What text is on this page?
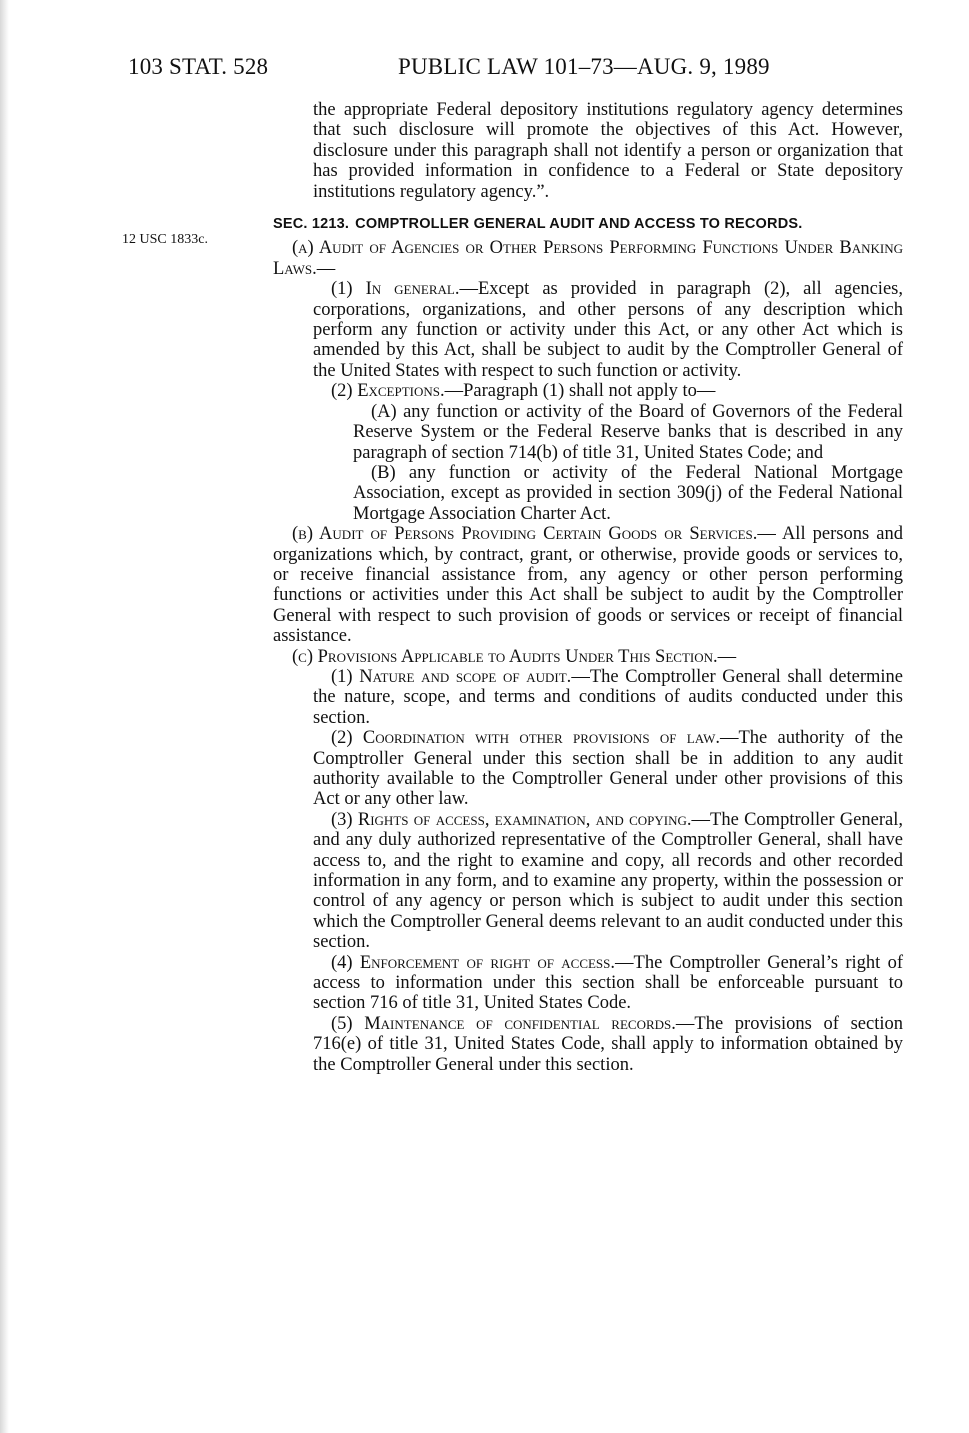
103 STAT. 528	PUBLIC LAW 101–73—AUG. 9, 1989
12 USC 1833c.

the appropriate Federal depository institutions regulatory agency determines that such disclosure will promote the objectives of this Act. However, disclosure under this paragraph shall not identify a person or organization that has provided information in confidence to a Federal or State depository institutions regulatory agency.”.

SEC. 1213. COMPTROLLER GENERAL AUDIT AND ACCESS TO RECORDS.

(a) Audit of Agencies or Other Persons Performing Functions Under Banking Laws.—

(1) In general.—Except as provided in paragraph (2), all agencies, corporations, organizations, and other persons of any description which perform any function or activity under this Act, or any other Act which is amended by this Act, shall be subject to audit by the Comptroller General of the United States with respect to such function or activity.

(2) Exceptions.—Paragraph (1) shall not apply to—

(A) any function or activity of the Board of Governors of the Federal Reserve System or the Federal Reserve banks that is described in any paragraph of section 714(b) of title 31, United States Code; and

(B) any function or activity of the Federal National Mortgage Association, except as provided in section 309(j) of the Federal National Mortgage Association Charter Act.

(b) Audit of Persons Providing Certain Goods or Services.— All persons and organizations which, by contract, grant, or otherwise, provide goods or services to, or receive financial assistance from, any agency or other person performing functions or activities under this Act shall be subject to audit by the Comptroller General with respect to such provision of goods or services or receipt of financial assistance.

(c) Provisions Applicable to Audits Under This Section.—

(1) Nature and scope of audit.—The Comptroller General shall determine the nature, scope, and terms and conditions of audits conducted under this section.

(2) Coordination with other provisions of law.—The authority of the Comptroller General under this section shall be in addition to any audit authority available to the Comptroller General under other provisions of this Act or any other law.

(3) Rights of access, examination, and copying.—The Comptroller General, and any duly authorized representative of the Comptroller General, shall have access to, and the right to examine and copy, all records and other recorded information in any form, and to examine any property, within the possession or control of any agency or person which is subject to audit under this section which the Comptroller General deems relevant to an audit conducted under this section.

(4) Enforcement of right of access.—The Comptroller General’s right of access to information under this section shall be enforceable pursuant to section 716 of title 31, United States Code.

(5) Maintenance of confidential records.—The provisions of section 716(e) of title 31, United States Code, shall apply to information obtained by the Comptroller General under this section.
